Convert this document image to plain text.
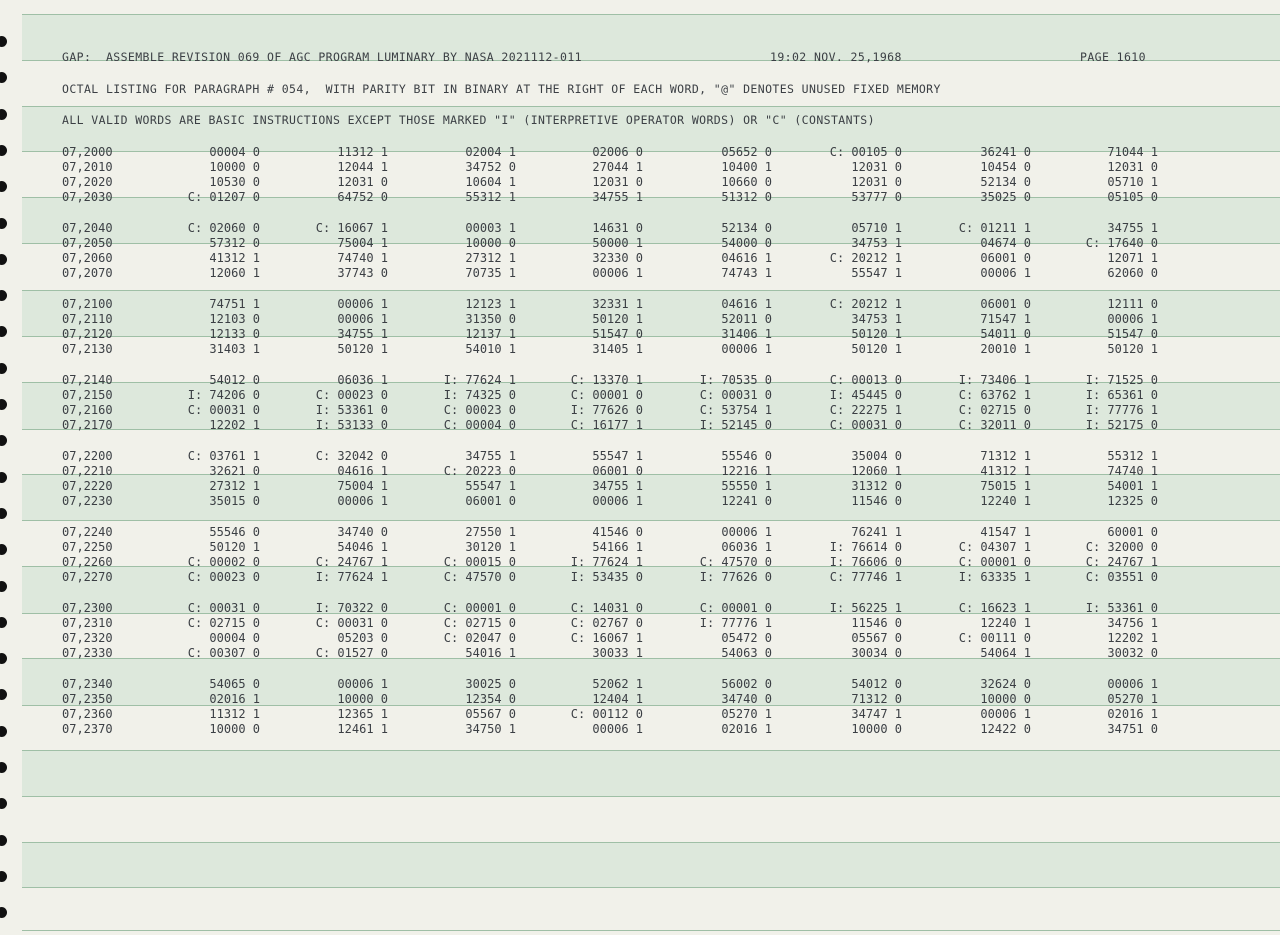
GAP:  ASSEMBLE REVISION 069 OF AGC PROGRAM LUMINARY BY NASA 2021112-011

	19:02 NOV. 25,1968

	PAGE 1610

OCTAL LISTING FOR PARAGRAPH # 054,  WITH PARITY BIT IN BINARY AT THE RIGHT OF EACH WORD, "@" DENOTES UNUSED FIXED MEMORY

ALL VALID WORDS ARE BASIC INSTRUCTIONS EXCEPT THOSE MARKED "I" (INTERPRETIVE OPERATOR WORDS) OR "C" (CONSTANTS)

07,2000	00004 0	11312 1	02004 1	02006 0	05652 0	C: 00105 0	36241 0	71044 1
07,2010	10000 0	12044 1	34752 0	27044 1	10400 1	12031 0	10454 0	12031 0
07,2020	10530 0	12031 0	10604 1	12031 0	10660 0	12031 0	52134 0	05710 1
07,2030	C: 01207 0	64752 0	55312 1	34755 1	51312 0	53777 0	35025 0	05105 0
07,2040	C: 02060 0	C: 16067 1	00003 1	14631 0	52134 0	05710 1	C: 01211 1	34755 1
07,2050	57312 0	75004 1	10000 0	50000 1	54000 0	34753 1	04674 0	C: 17640 0
07,2060	41312 1	74740 1	27312 1	32330 0	04616 1	C: 20212 1	06001 0	12071 1
07,2070	12060 1	37743 0	70735 1	00006 1	74743 1	55547 1	00006 1	62060 0
07,2100	74751 1	00006 1	12123 1	32331 1	04616 1	C: 20212 1	06001 0	12111 0
07,2110	12103 0	00006 1	31350 0	50120 1	52011 0	34753 1	71547 1	00006 1
07,2120	12133 0	34755 1	12137 1	51547 0	31406 1	50120 1	54011 0	51547 0
07,2130	31403 1	50120 1	54010 1	31405 1	00006 1	50120 1	20010 1	50120 1
07,2140	54012 0	06036 1	I: 77624 1	C: 13370 1	I: 70535 0	C: 00013 0	I: 73406 1	I: 71525 0
07,2150	I: 74206 0	C: 00023 0	I: 74325 0	C: 00001 0	C: 00031 0	I: 45445 0	C: 63762 1	I: 65361 0
07,2160	C: 00031 0	I: 53361 0	C: 00023 0	I: 77626 0	C: 53754 1	C: 22275 1	C: 02715 0	I: 77776 1
07,2170	12202 1	I: 53133 0	C: 00004 0	C: 16177 1	I: 52145 0	C: 00031 0	C: 32011 0	I: 52175 0
07,2200	C: 03761 1	C: 32042 0	34755 1	55547 1	55546 0	35004 0	71312 1	55312 1
07,2210	32621 0	04616 1	C: 20223 0	06001 0	12216 1	12060 1	41312 1	74740 1
07,2220	27312 1	75004 1	55547 1	34755 1	55550 1	31312 0	75015 1	54001 1
07,2230	35015 0	00006 1	06001 0	00006 1	12241 0	11546 0	12240 1	12325 0
07,2240	55546 0	34740 0	27550 1	41546 0	00006 1	76241 1	41547 1	60001 0
07,2250	50120 1	54046 1	30120 1	54166 1	06036 1	I: 76614 0	C: 04307 1	C: 32000 0
07,2260	C: 00002 0	C: 24767 1	C: 00015 0	I: 77624 1	C: 47570 0	I: 76606 0	C: 00001 0	C: 24767 1
07,2270	C: 00023 0	I: 77624 1	C: 47570 0	I: 53435 0	I: 77626 0	C: 77746 1	I: 63335 1	C: 03551 0
07,2300	C: 00031 0	I: 70322 0	C: 00001 0	C: 14031 0	C: 00001 0	I: 56225 1	C: 16623 1	I: 53361 0
07,2310	C: 02715 0	C: 00031 0	C: 02715 0	C: 02767 0	I: 77776 1	11546 0	12240 1	34756 1
07,2320	00004 0	05203 0	C: 02047 0	C: 16067 1	05472 0	05567 0	C: 00111 0	12202 1
07,2330	C: 00307 0	C: 01527 0	54016 1	30033 1	54063 0	30034 0	54064 1	30032 0
07,2340	54065 0	00006 1	30025 0	52062 1	56002 0	54012 0	32624 0	00006 1
07,2350	02016 1	10000 0	12354 0	12404 1	34740 0	71312 0	10000 0	05270 1
07,2360	11312 1	12365 1	05567 0	C: 00112 0	05270 1	34747 1	00006 1	02016 1
07,2370	10000 0	12461 1	34750 1	00006 1	02016 1	10000 0	12422 0	34751 0
